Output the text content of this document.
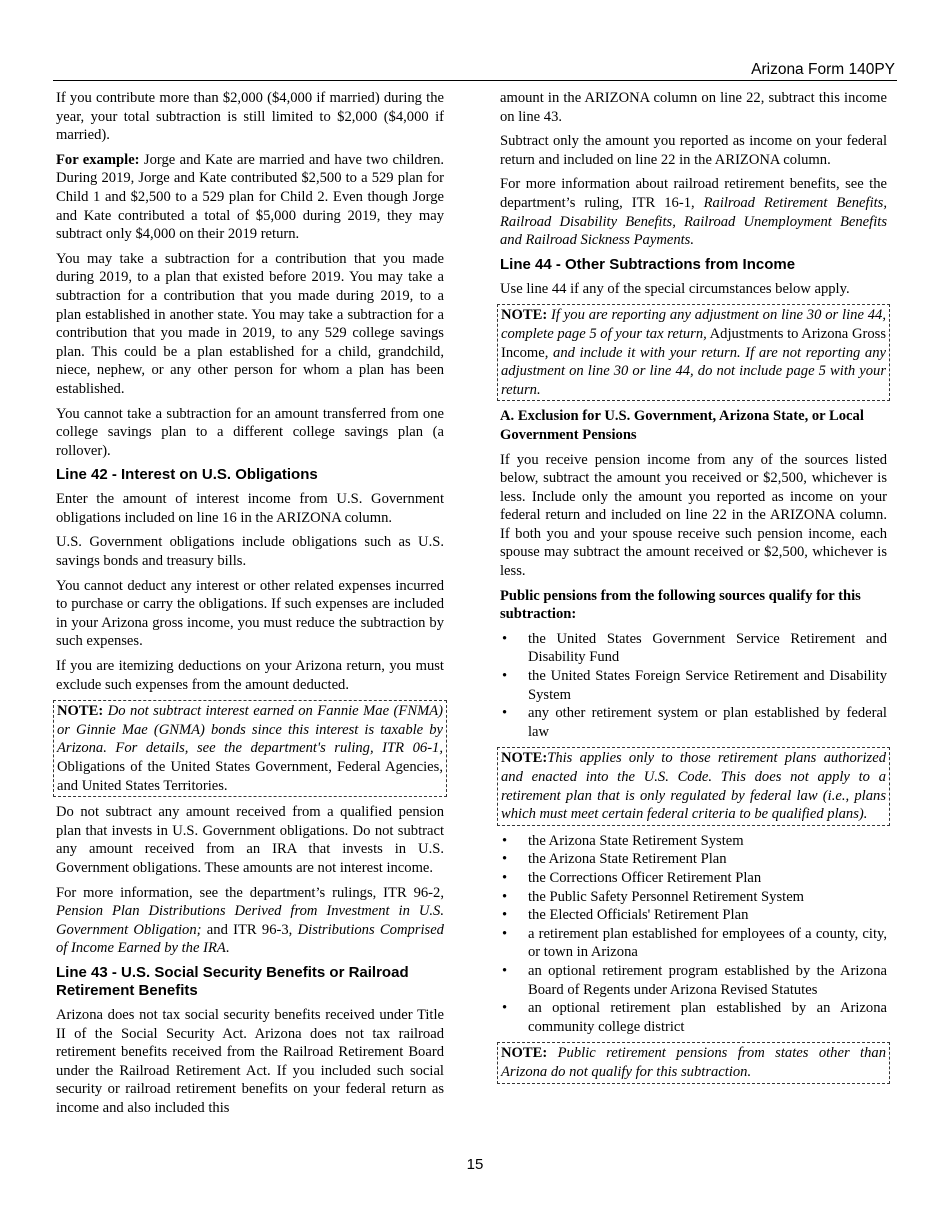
Arizona Form 140PY

If you contribute more than $2,000 ($4,000 if married) during the year, your total subtraction is still limited to $2,000 ($4,000 if married).

For example: Jorge and Kate are married and have two children. During 2019, Jorge and Kate contributed $2,500 to a 529 plan for Child 1 and $2,500 to a 529 plan for Child 2. Even though Jorge and Kate contributed a total of $5,000 during 2019, they may subtract only $4,000 on their 2019 return.

You may take a subtraction for a contribution that you made during 2019, to a plan that existed before 2019. You may take a subtraction for a contribution that you made during 2019, to a plan established in another state. You may take a subtraction for a contribution that you made in 2019, to any 529 college savings plan. This could be a plan established for a child, grandchild, niece, nephew, or any other person for whom a plan has been established.

You cannot take a subtraction for an amount transferred from one college savings plan to a different college savings plan (a rollover).

Line 42 - Interest on U.S. Obligations

Enter the amount of interest income from U.S. Government obligations included on line 16 in the ARIZONA column.

U.S. Government obligations include obligations such as U.S. savings bonds and treasury bills.

You cannot deduct any interest or other related expenses incurred to purchase or carry the obligations. If such expenses are included in your Arizona gross income, you must reduce the subtraction by such expenses.

If you are itemizing deductions on your Arizona return, you must exclude such expenses from the amount deducted.

NOTE: Do not subtract interest earned on Fannie Mae (FNMA) or Ginnie Mae (GNMA) bonds since this interest is taxable by Arizona. For details, see the department's ruling, ITR 06-1, Obligations of the United States Government, Federal Agencies, and United States Territories.

Do not subtract any amount received from a qualified pension plan that invests in U.S. Government obligations. Do not subtract any amount received from an IRA that invests in U.S. Government obligations. These amounts are not interest income.

For more information, see the department’s rulings, ITR 96-2, Pension Plan Distributions Derived from Investment in U.S. Government Obligation; and ITR 96-3, Distributions Comprised of Income Earned by the IRA.

Line 43 - U.S. Social Security Benefits or Railroad Retirement Benefits

Arizona does not tax social security benefits received under Title II of the Social Security Act. Arizona does not tax railroad retirement benefits received from the Railroad Retirement Board under the Railroad Retirement Act. If you included such social security or railroad retirement benefits on your federal return as income and also included this

amount in the ARIZONA column on line 22, subtract this income on line 43.

Subtract only the amount you reported as income on your federal return and included on line 22 in the ARIZONA column.

For more information about railroad retirement benefits, see the department’s ruling, ITR 16-1, Railroad Retirement Benefits, Railroad Disability Benefits, Railroad Unemployment Benefits and Railroad Sickness Payments.

Line 44 - Other Subtractions from Income

Use line 44 if any of the special circumstances below apply.

NOTE: If you are reporting any adjustment on line 30 or line 44, complete page 5 of your tax return, Adjustments to Arizona Gross Income, and include it with your return. If are not reporting any adjustment on line 30 or line 44, do not include page 5 with your return.

A. Exclusion for U.S. Government, Arizona State, or Local Government Pensions

If you receive pension income from any of the sources listed below, subtract the amount you received or $2,500, whichever is less. Include only the amount you reported as income on your federal return and included on line 22 in the ARIZONA column. If both you and your spouse receive such pension income, each spouse may subtract the amount received or $2,500, whichever is less.

Public pensions from the following sources qualify for this subtraction:

• the United States Government Service Retirement and Disability Fund
• the United States Foreign Service Retirement and Disability System
• any other retirement system or plan established by federal law
NOTE:This applies only to those retirement plans authorized and enacted into the U.S. Code. This does not apply to a retirement plan that is only regulated by federal law (i.e., plans which must meet certain federal criteria to be qualified plans).
• the Arizona State Retirement System
• the Arizona State Retirement Plan
• the Corrections Officer Retirement Plan
• the Public Safety Personnel Retirement System
• the Elected Officials' Retirement Plan
• a retirement plan established for employees of a county, city, or town in Arizona
• an optional retirement program established by the Arizona Board of Regents under Arizona Revised Statutes
• an optional retirement plan established by an Arizona community college district
NOTE: Public retirement pensions from states other than Arizona do not qualify for this subtraction.
15
